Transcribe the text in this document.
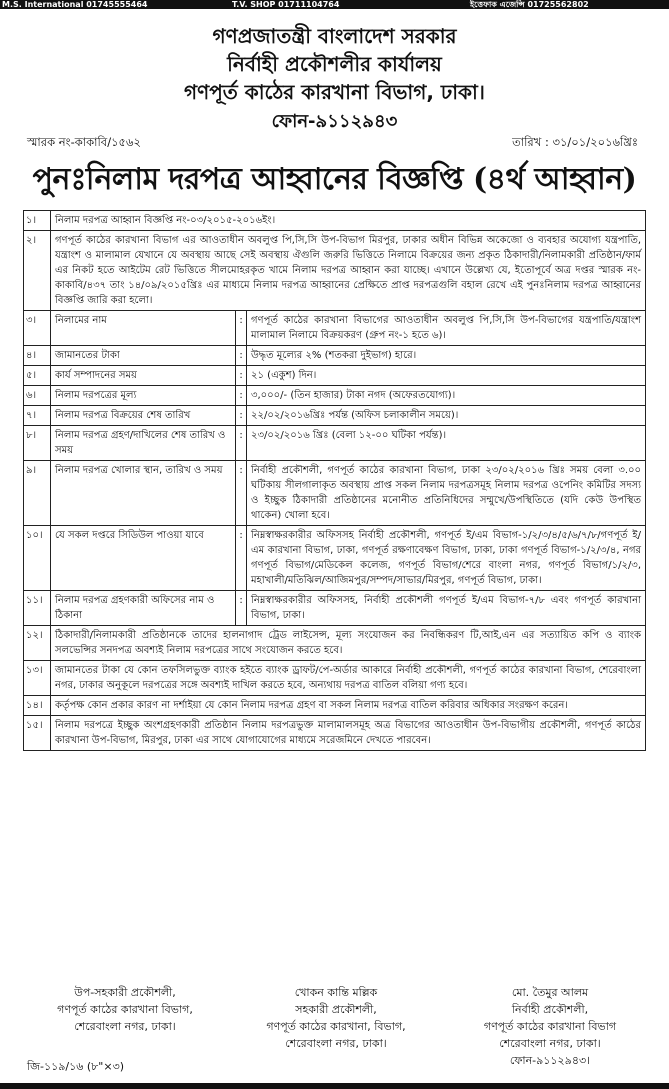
M.S. International 01745555464	T.V. SHOP 01711104764	ইত্তেফাক এজেন্সি 01725562802
গণপ্রজাতন্ত্রী বাংলাদেশ সরকার
নির্বাহী প্রকৌশলীর কার্যালয়
গণপূর্ত কাঠের কারখানা বিভাগ, ঢাকা।
ফোন-৯১১২৯৪৩
স্মারক নং-কাকাবি/১৫৬২	তারিখ : ৩১/০১/২০১৬খ্রিঃ
পুনঃনিলাম দরপত্র আহ্বানের বিজ্ঞপ্তি (৪র্থ আহ্বান)
১।	নিলাম দরপত্র আহ্বান বিজ্ঞপ্তি নং-০৩/২০১৫-২০১৬ইং।		
২।	গণপূর্ত কাঠের কারখানা বিভাগ এর আওতাধীন অবলুপ্ত পি,সি,সি উপ-বিভাগ মিরপুর, ঢাকার অধীন বিভিন্ন অকেজো ও ব্যবহার অযোগ্য যন্ত্রপাতি, যন্ত্রাংশ ও মালামাল যেখানে যে অবস্থায় আছে সেই অবস্থায় ঐগুলি জরুরি ভিত্তিতে নিলামে বিক্রয়ের জন্য প্রকৃত ঠিকাদারী/নিলামকারী প্রতিষ্ঠান/ফার্ম এর নিকট হতে আইটেম রেট ভিত্তিতে সীলমোহরকৃত খামে নিলাম দরপত্র আহ্বান করা যাচ্ছে। এখানে উল্লেখ্য যে, ইতোপূর্বে অত্র দপ্তর স্মারক নং-কাকাবি/৪৩৭ তাং ১৪/০৯/২০১৫খ্রিঃ এর মাধ্যমে নিলাম দরপত্র আহ্বানের প্রেক্ষিতে প্রাপ্ত দরপত্রগুলি বহাল রেখে এই পুনঃনিলাম দরপত্র আহ্বানের বিজ্ঞপ্তি জারি করা হলো।		
৩।	নিলামের নাম	:	গণপূর্ত কাঠের কারখানা বিভাগের আওতাধীন অবলুপ্ত পি,সি,সি উপ-বিভাগের যন্ত্রপাতি/যন্ত্রাংশ মালামাল নিলামে বিক্রয়করণ (গ্রুপ নং-১ হতে ৬)।
৪।	জামানতের টাকা	:	উদ্ধৃত মূল্যের ২% (শতকরা দুইভাগ) হারে।
৫।	কার্য সম্পাদনের সময়	:	২১ (একুশ) দিন।
৬।	নিলাম দরপত্রের মূল্য	:	৩,০০০/- (তিন হাজার) টাকা নগদ (অফেরতযোগ্য)।
৭।	নিলাম দরপত্র বিক্রয়ের শেষ তারিখ	:	২২/০২/২০১৬খ্রিঃ পর্যন্ত (অফিস চলাকালীন সময়ে)।
৮।	নিলাম দরপত্র গ্রহণ/দাখিলের শেষ তারিখ ও সময়	:	২৩/০২/২০১৬ খ্রিঃ (বেলা ১২-০০ ঘটিকা পর্যন্ত)।
৯।	নিলাম দরপত্র খোলার স্থান, তারিখ ও সময়	:	নির্বাহী প্রকৌশলী, গণপূর্ত কাঠের কারখানা বিভাগ, ঢাকা ২৩/০২/২০১৬ খ্রিঃ সময় বেলা ৩.০০ ঘটিকায় সীলগালাকৃত অবস্থায় প্রাপ্ত সকল নিলাম দরপত্রসমূহ নিলাম দরপত্র ওপেনিং কমিটির সদস্য ও ইচ্ছুক ঠিকাদারী প্রতিষ্ঠানের মনোনীত প্রতিনিধিদের সম্মুখে/উপস্থিতিতে (যদি কেউ উপস্থিত থাকেন) খোলা হবে।
১০।	যে সকল দপ্তরে সিডিউল পাওয়া যাবে	:	নিম্নস্বাক্ষরকারীর অফিসসহ নির্বাহী প্রকৌশলী, গণপূর্ত ই/এম বিভাগ-১/২/৩/৪/৫/৬/৭/৮/গণপূর্ত ই/এম কারখানা বিভাগ, ঢাকা, গণপূর্ত রক্ষণাবেক্ষণ বিভাগ, ঢাকা, ঢাকা গণপূর্ত বিভাগ-১/২/৩/৪, নগর গণপূর্ত বিভাগ/মেডিকেল কলেজ, গণপূর্ত বিভাগ/শেরে বাংলা নগর, গণপূর্ত বিভাগ/১/২/৩, মহাখালী/মতিঝিল/আজিমপুর/সম্পদ/সাভার/মিরপুর, গণপূর্ত বিভাগ, ঢাকা।
১১।	নিলাম দরপত্র গ্রহণকারী অফিসের নাম ও ঠিকানা	:	নিম্নস্বাক্ষরকারীর অফিসসহ, নির্বাহী প্রকৌশলী গণপূর্ত ই/এম বিভাগ-৭/৮ এবং গণপূর্ত কারখানা বিভাগ, ঢাকা।
১২।	ঠিকাদারী/নিলামকারী প্রতিষ্ঠানকে তাদের হালনাগাদ ট্রেড লাইসেন্স, মূল্য সংযোজন কর নিবন্ধিকরণ টি,আই,এন এর সত্যায়িত কপি ও ব্যাংক সলভেন্সির সনদপত্র অবশ্যই নিলাম দরপত্রের সাথে সংযোজন করতে হবে।		
১৩।	জামানতের টাকা যে কোন তফসিলভুক্ত ব্যাংক হইতে ব্যাংক ড্রাফট/পে-অর্ডার আকারে নির্বাহী প্রকৌশলী, গণপূর্ত কাঠের কারখানা বিভাগ, শেরেবাংলা নগর, ঢাকার অনুকূলে দরপত্রের সঙ্গে অবশ্যই দাখিল করতে হবে, অন্যথায় দরপত্র বাতিল বলিয়া গণ্য হবে।		
১৪।	কর্তৃপক্ষ কোন প্রকার কারণ না দর্শাইয়া যে কোন নিলাম দরপত্র গ্রহণ বা সকল নিলাম দরপত্র বাতিল করিবার অধিকার সংরক্ষণ করেন।		
১৫।	নিলাম দরপত্রে ইচ্ছুক অংশগ্রহণকারী প্রতিষ্ঠান নিলাম দরপত্রভুক্ত মালামালসমূহ অত্র বিভাগের আওতাধীন উপ-বিভাগীয় প্রকৌশলী, গণপূর্ত কাঠের কারখানা উপ-বিভাগ, মিরপুর, ঢাকা এর সাথে যোগাযোগের মাধ্যমে সরেজমিনে দেখতে পারবেন।		
উপ-সহকারী প্রকৌশলী,
গণপূর্ত কাঠের কারখানা বিভাগ,
শেরেবাংলা নগর, ঢাকা।
খোকন কান্তি মল্লিক
সহকারী প্রকৌশলী,
গণপূর্ত কাঠের কারখানা, বিভাগ,
শেরেবাংলা নগর, ঢাকা।
মো. তৈমুর আলম
নির্বাহী প্রকৌশলী,
গণপূর্ত কাঠের কারখানা বিভাগ
শেরেবাংলা নগর, ঢাকা।
ফোন-৯১১২৯৪৩।
জি-১১৯/১৬ (৮"×৩)
